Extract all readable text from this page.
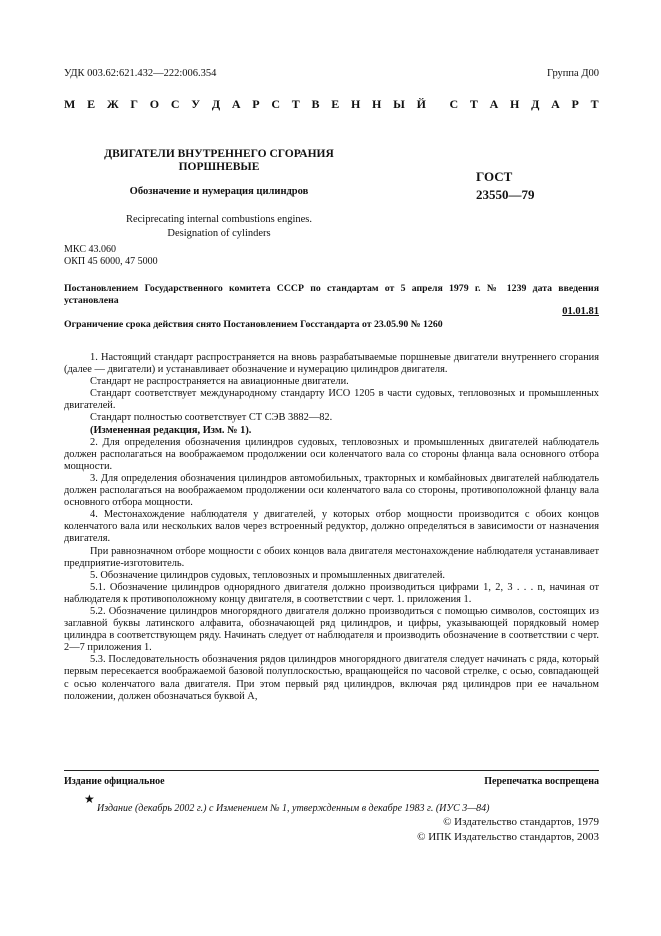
УДК 003.62:621.432—222:006.354	Группа Д00
М Е Ж Г О С У Д А Р С Т В Е Н Н Ы Й С Т А Н Д А Р Т
ДВИГАТЕЛИ ВНУТРЕННЕГО СГОРАНИЯ
ПОРШНЕВЫЕ
Обозначение и нумерация цилиндров
Reciprecating internal combustions engines.
Designation of cylinders
ГОСТ
23550—79
МКС 43.060
ОКП 45 6000, 47 5000
Постановлением Государственного комитета СССР по стандартам от 5 апреля 1979 г. № 1239 дата введения установлена
01.01.81
Ограничение срока действия снято Постановлением Госстандарта от 23.05.90 № 1260

1. Настоящий стандарт распространяется на вновь разрабатываемые поршневые двигатели внутреннего сгорания (далее — двигатели) и устанавливает обозначение и нумерацию цилиндров двигателя.

Стандарт не распространяется на авиационные двигатели.

Стандарт соответствует международному стандарту ИСО 1205 в части судовых, тепловозных и промышленных двигателей.

Стандарт полностью соответствует СТ СЭВ 3882—82.

(Измененная редакция, Изм. № 1).

2. Для определения обозначения цилиндров судовых, тепловозных и промышленных двигателей наблюдатель должен располагаться на воображаемом продолжении оси коленчатого вала со стороны фланца вала основного отбора мощности.

3. Для определения обозначения цилиндров автомобильных, тракторных и комбайновых двигателей наблюдатель должен располагаться на воображаемом продолжении оси коленчатого вала со стороны, противоположной фланцу вала основного отбора мощности.

4. Местонахождение наблюдателя у двигателей, у которых отбор мощности производится с обоих концов коленчатого вала или нескольких валов через встроенный редуктор, должно определяться в зависимости от назначения двигателя.

При равнозначном отборе мощности с обоих концов вала двигателя местонахождение наблюдателя устанавливает предприятие-изготовитель.

5. Обозначение цилиндров судовых, тепловозных и промышленных двигателей.

5.1. Обозначение цилиндров однорядного двигателя должно производиться цифрами 1, 2, 3 . . . n, начиная от наблюдателя к противоположному концу двигателя, в соответствии с черт. 1. приложения 1.

5.2. Обозначение цилиндров многорядного двигателя должно производиться с помощью символов, состоящих из заглавной буквы латинского алфавита, обозначающей ряд цилиндров, и цифры, указывающей порядковый номер цилиндра в соответствующем ряду. Начинать следует от наблюдателя и производить обозначение в соответствии с черт. 2—7 приложения 1.

5.3. Последовательность обозначения рядов цилиндров многорядного двигателя следует начинать с ряда, который первым пересекается воображаемой базовой полуплоскостью, вращающейся по часовой стрелке, с осью, совпадающей с осью коленчатого вала двигателя. При этом первый ряд цилиндров, включая ряд цилиндров при ее начальном положении, должен обозначаться буквой А,

Издание официальное	Перепечатка воспрещена
★
Издание (декабрь 2002 г.) с Изменением № 1, утвержденным в декабре 1983 г. (ИУС 3—84)
© Издательство стандартов, 1979
© ИПК Издательство стандартов, 2003
